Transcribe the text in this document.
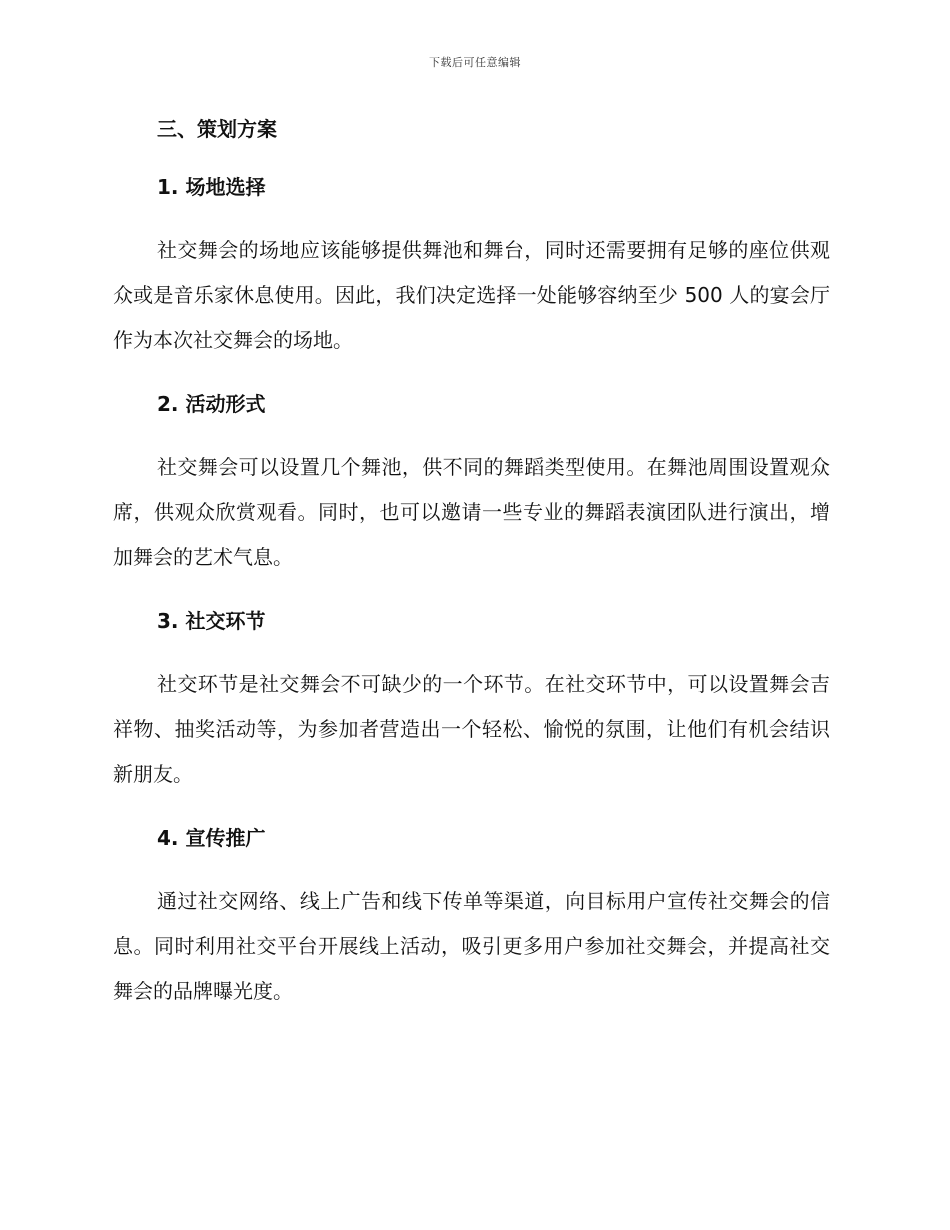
下载后可任意编辑
三、策划方案
1. 场地选择

社交舞会的场地应该能够提供舞池和舞台，同时还需要拥有足够的座位供观众或是音乐家休息使用。因此，我们决定选择一处能够容纳至少 500 人的宴会厅作为本次社交舞会的场地。

2. 活动形式

社交舞会可以设置几个舞池，供不同的舞蹈类型使用。在舞池周围设置观众席，供观众欣赏观看。同时，也可以邀请一些专业的舞蹈表演团队进行演出，增加舞会的艺术气息。

3. 社交环节

社交环节是社交舞会不可缺少的一个环节。在社交环节中，可以设置舞会吉祥物、抽奖活动等，为参加者营造出一个轻松、愉悦的氛围，让他们有机会结识新朋友。

4. 宣传推广

通过社交网络、线上广告和线下传单等渠道，向目标用户宣传社交舞会的信息。同时利用社交平台开展线上活动，吸引更多用户参加社交舞会，并提高社交舞会的品牌曝光度。
